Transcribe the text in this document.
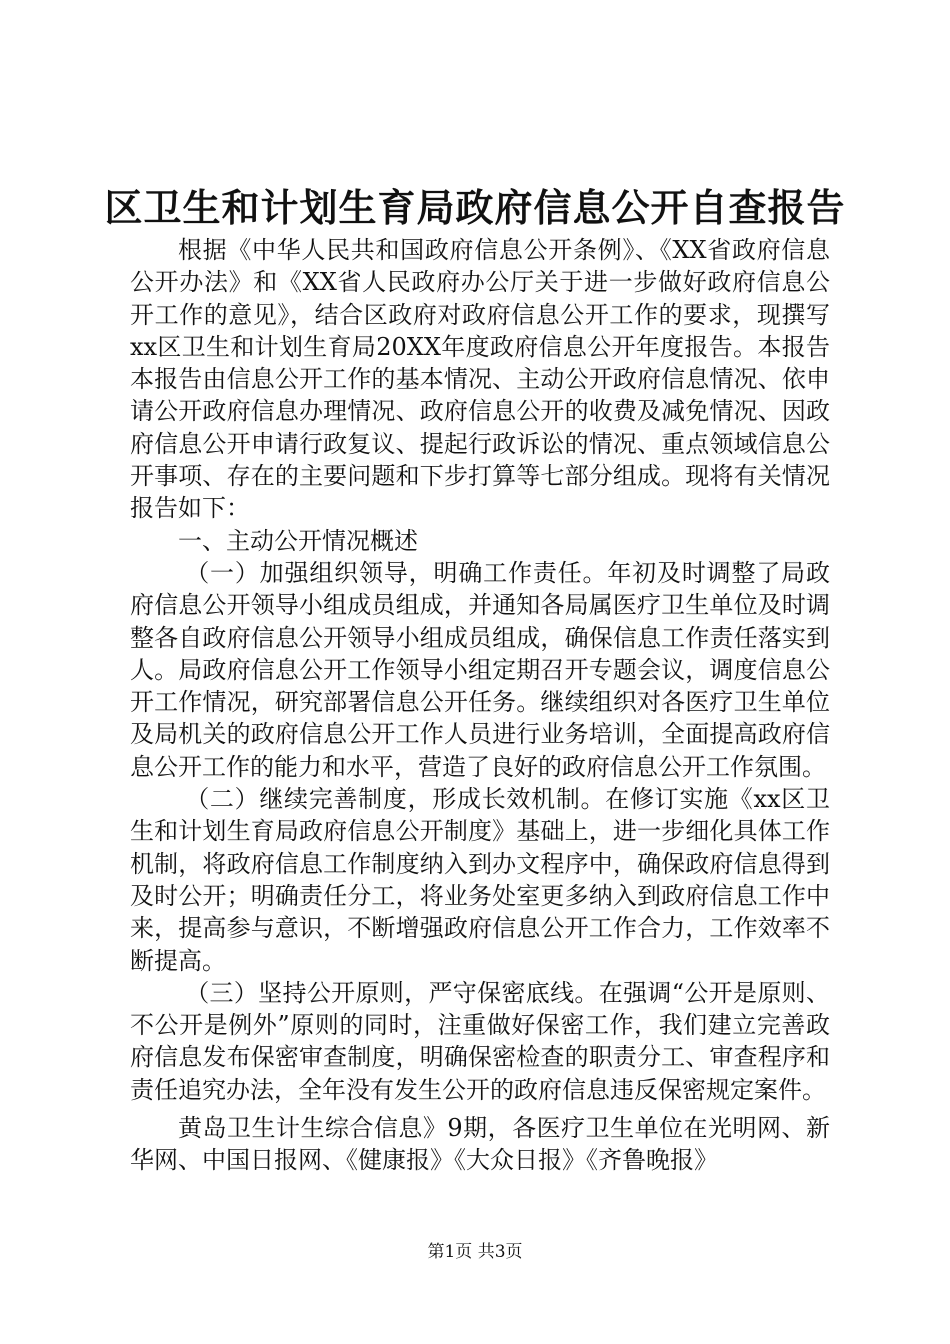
区卫生和计划生育局政府信息公开自查报告

根据《中华人民共和国政府信息公开条例》、《XX省政府信息公开办法》和《XX省人民政府办公厅关于进一步做好政府信息公开工作的意见》，结合区政府对政府信息公开工作的要求，现撰写xx区卫生和计划生育局20XX年度政府信息公开年度报告。本报告本报告由信息公开工作的基本情况、主动公开政府信息情况、依申请公开政府信息办理情况、政府信息公开的收费及减免情况、因政府信息公开申请行政复议、提起行政诉讼的情况、重点领域信息公开事项、存在的主要问题和下步打算等七部分组成。现将有关情况报告如下：

一、主动公开情况概述

（一）加强组织领导，明确工作责任。年初及时调整了局政府信息公开领导小组成员组成，并通知各局属医疗卫生单位及时调整各自政府信息公开领导小组成员组成，确保信息工作责任落实到人。局政府信息公开工作领导小组定期召开专题会议，调度信息公开工作情况，研究部署信息公开任务。继续组织对各医疗卫生单位及局机关的政府信息公开工作人员进行业务培训，全面提高政府信息公开工作的能力和水平，营造了良好的政府信息公开工作氛围。

（二）继续完善制度，形成长效机制。在修订实施《xx区卫生和计划生育局政府信息公开制度》基础上，进一步细化具体工作机制，将政府信息工作制度纳入到办文程序中，确保政府信息得到及时公开；明确责任分工，将业务处室更多纳入到政府信息工作中来，提高参与意识，不断增强政府信息公开工作合力，工作效率不断提高。

（三）坚持公开原则，严守保密底线。在强调“公开是原则、不公开是例外”原则的同时，注重做好保密工作，我们建立完善政府信息发布保密审查制度，明确保密检查的职责分工、审查程序和责任追究办法，全年没有发生公开的政府信息违反保密规定案件。

黄岛卫生计生综合信息》9期，各医疗卫生单位在光明网、新华网、中国日报网、《健康报》《大众日报》《齐鲁晚报》

第1页 共3页
